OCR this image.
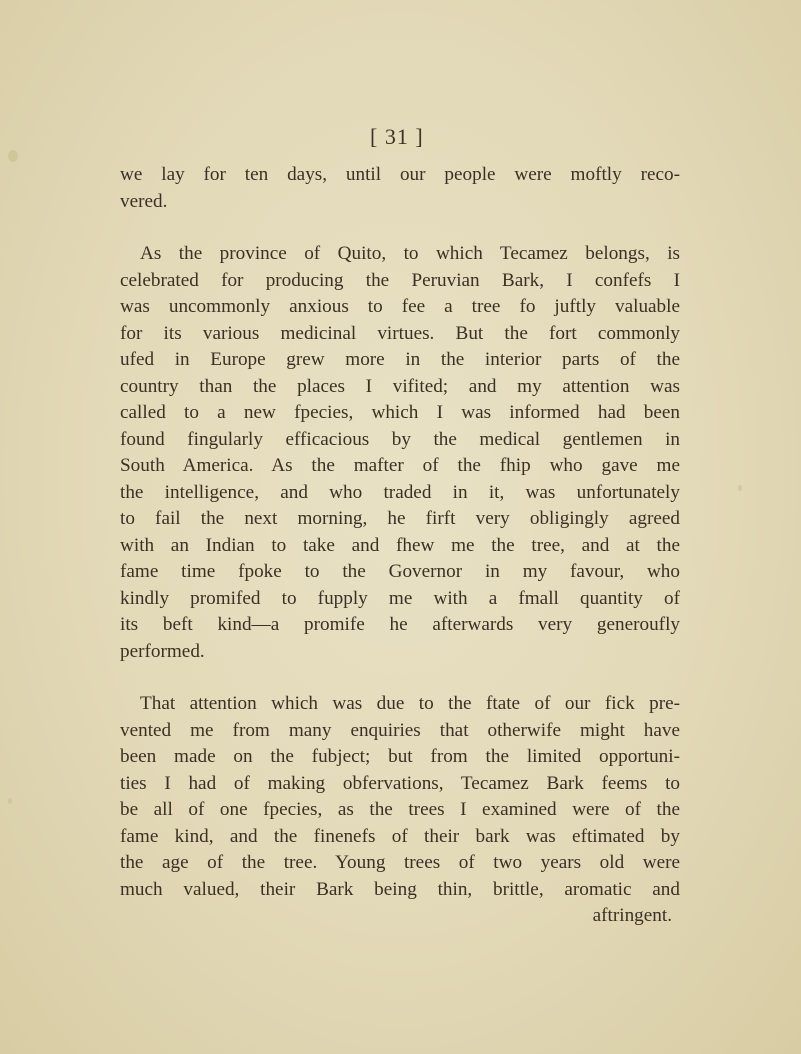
[ 31 ]
we lay for ten days, until our people were moftly reco-
vered.
As the province of Quito, to which Tecamez belongs, is
celebrated for producing the Peruvian Bark, I confefs I
was uncommonly anxious to fee a tree fo juftly valuable
for its various medicinal virtues. But the fort commonly
ufed in Europe grew more in the interior parts of the
country than the places I vifited; and my attention was
called to a new fpecies, which I was informed had been
found fingularly efficacious by the medical gentlemen in
South America. As the mafter of the fhip who gave me
the intelligence, and who traded in it, was unfortunately
to fail the next morning, he firft very obligingly agreed
with an Indian to take and fhew me the tree, and at the
fame time fpoke to the Governor in my favour, who
kindly promifed to fupply me with a fmall quantity of
its beft kind—a promife he afterwards very generoufly
performed.
That attention which was due to the ftate of our fick pre-
vented me from many enquiries that otherwife might have
been made on the fubject; but from the limited opportuni-
ties I had of making obfervations, Tecamez Bark feems to
be all of one fpecies, as the trees I examined were of the
fame kind, and the finenefs of their bark was eftimated by
the age of the tree. Young trees of two years old were
much valued, their Bark being thin, brittle, aromatic and
aftringent.
